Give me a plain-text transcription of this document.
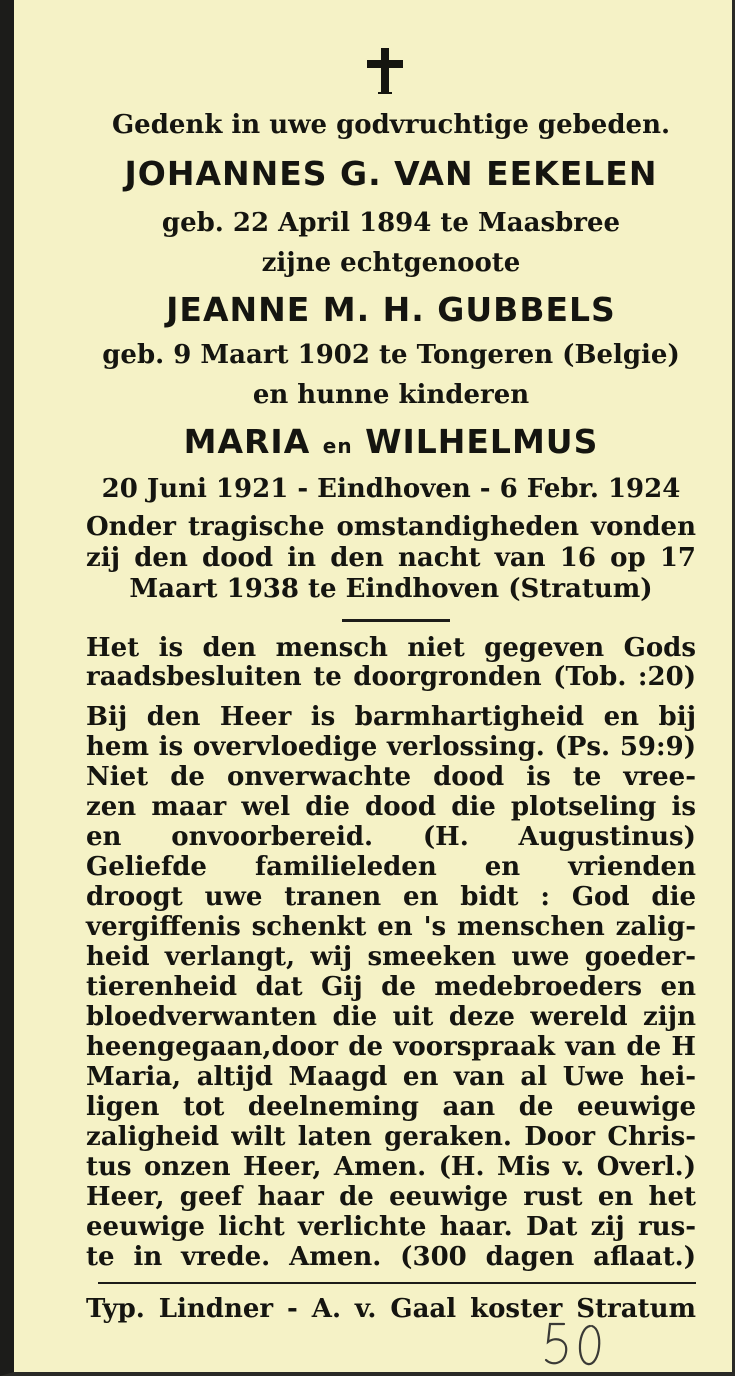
Gedenk in uwe godvruchtige gebeden.
JOHANNES G. VAN EEKELEN
geb. 22 April 1894 te Maasbree
zijne echtgenoote
JEANNE M. H. GUBBELS
geb. 9 Maart 1902 te Tongeren (Belgie)
en hunne kinderen
MARIA en WILHELMUS
20 Juni 1921 - Eindhoven - 6 Febr. 1924
Onder tragische omstandigheden vonden
zij den dood in den nacht van 16 op 17
Maart 1938 te Eindhoven (Stratum)
Het is den mensch niet gegeven Gods
raadsbesluiten te doorgronden (Tob. :20)
Bij den Heer is barmhartigheid en bij
hem is overvloedige verlossing. (Ps. 59:9)
Niet de onverwachte dood is te vree-
zen maar wel die dood die plotseling is
en onvoorbereid. (H. Augustinus)
Geliefde familieleden en vrienden
droogt uwe tranen en bidt : God die
vergiffenis schenkt en 's menschen zalig-
heid verlangt, wij smeeken uwe goeder-
tierenheid dat Gij de medebroeders en
bloedverwanten die uit deze wereld zijn
heengegaan,door de voorspraak van de H
Maria, altijd Maagd en van al Uwe hei-
ligen tot deelneming aan de eeuwige
zaligheid wilt laten geraken. Door Chris-
tus onzen Heer, Amen. (H. Mis v. Overl.)
Heer, geef haar de eeuwige rust en het
eeuwige licht verlichte haar. Dat zij rus-
te in vrede. Amen. (300 dagen aflaat.)
Typ. Lindner - A. v. Gaal koster Stratum
